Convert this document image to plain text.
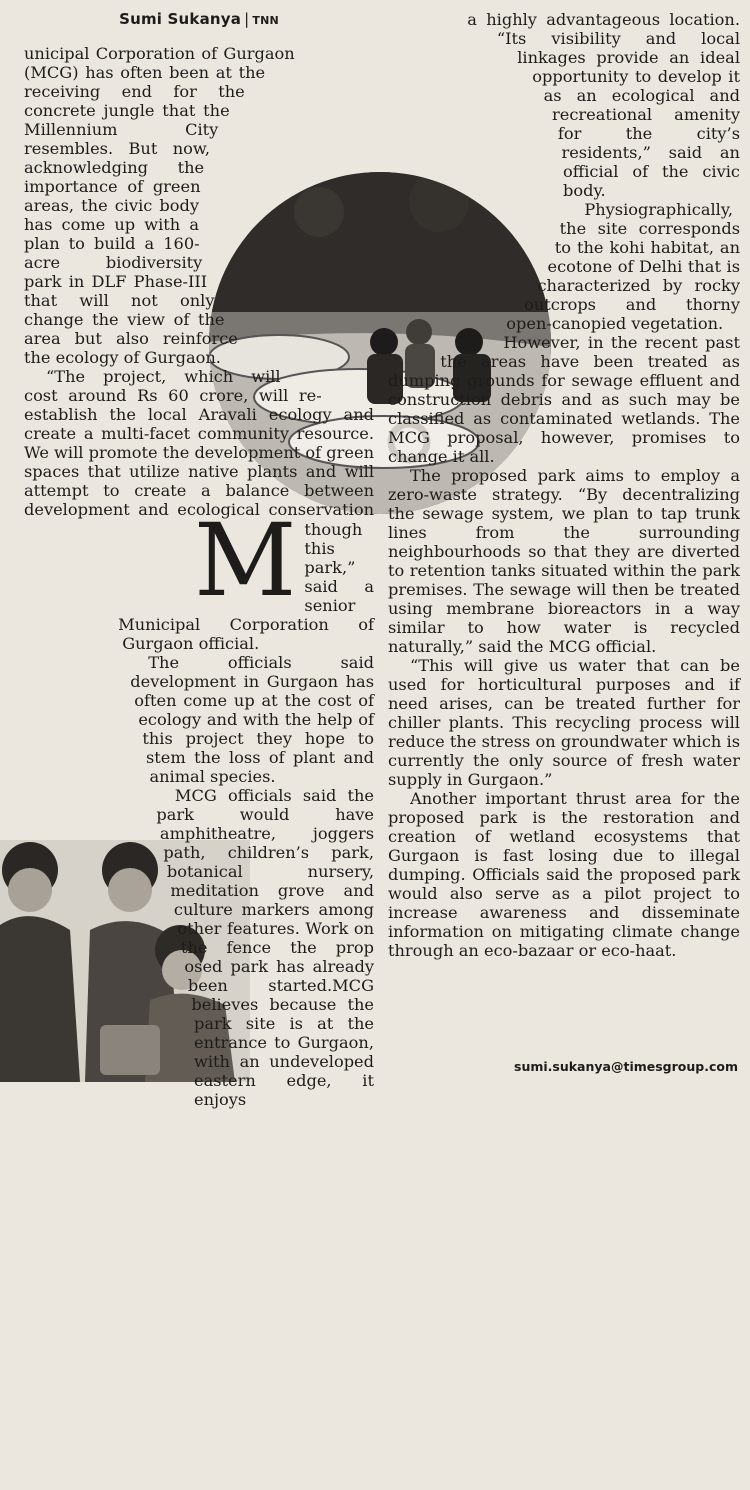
Sumi Sukanya | TNN
M

unicipal Corporation of Gurgaon (MCG) has often been at the receiving end for the concrete jungle that the Millennium City resembles. But now, acknowledging the importance of green areas, the civic body has come up with a plan to build a 160-acre biodiversity park in DLF Phase-III that will not only change the view of the area but also reinforce the ecology of Gurgaon.

“The project, which will cost around Rs 60 crore, will re-establish the local Aravali ecology and create a multi-facet community resource. We will promote the development of green spaces that utilize native plants and will attempt to create a balance between development and ecological conservation though this park,” said a senior Municipal Corporation of Gurgaon official.

The officials said development in Gurgaon has often come up at the cost of ecology and with the help of this project they hope to stem the loss of plant and animal species.

MCG officials said the park would have amphitheatre, joggers path, children’s park, botanical nursery, meditation grove and culture markers among other features. Work on the fence the prop osed park has already been started.MCG believes because the park site is at the entrance to Gurgaon, with an undeveloped eastern edge, it enjoys

a highly advantageous location. “Its visibility and local linkages provide an ideal opportunity to develop it as an ecological and recreational amenity for the city’s residents,” said an official of the civic body.

Physiographically, the site corresponds to the kohi habitat, an ecotone of Delhi that is characterized by rocky outcrops and thorny open-canopied vegetation.

However, in the recent past the areas have been treated as dumping grounds for sewage effluent and construction debris and as such may be classified as contaminated wetlands. The MCG proposal, however, promises to change it all.

The proposed park aims to employ a zero-waste strategy. “By decentralizing the sewage system, we plan to tap trunk lines from the surrounding neighbourhoods so that they are diverted to retention tanks situated within the park premises. The sewage will then be treated using membrane bioreactors in a way similar to how water is recycled naturally,” said the MCG official.

“This will give us water that can be used for horticultural purposes and if need arises, can be treated further for chiller plants. This recycling process will reduce the stress on groundwater which is currently the only source of fresh water supply in Gurgaon.”

Another important thrust area for the proposed park is the restoration and creation of wetland ecosystems that Gurgaon is fast losing due to illegal dumping. Officials said the proposed park would also serve as a pilot project to increase awareness and disseminate information on mitigating climate change through an eco-bazaar or eco-haat.

sumi.sukanya@timesgroup.com
